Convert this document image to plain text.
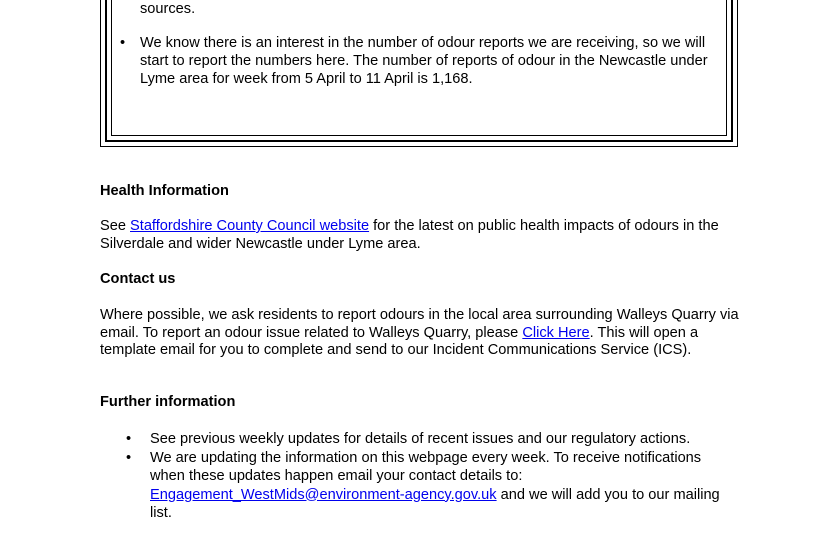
sources.
• We know there is an interest in the number of odour reports we are receiving, so we will start to report the numbers here. The number of reports of odour in the Newcastle under Lyme area for week from 5 April to 11 April is 1,168.
Health Information
See Staffordshire County Council website for the latest on public health impacts of odours in the Silverdale and wider Newcastle under Lyme area.
Contact us
Where possible, we ask residents to report odours in the local area surrounding Walleys Quarry via email. To report an odour issue related to Walleys Quarry, please Click Here. This will open a template email for you to complete and send to our Incident Communications Service (ICS).
Further information
• See previous weekly updates for details of recent issues and our regulatory actions.
• We are updating the information on this webpage every week. To receive notifications when these updates happen email your contact details to: Engagement_WestMids@environment-agency.gov.uk and we will add you to our mailing list.
